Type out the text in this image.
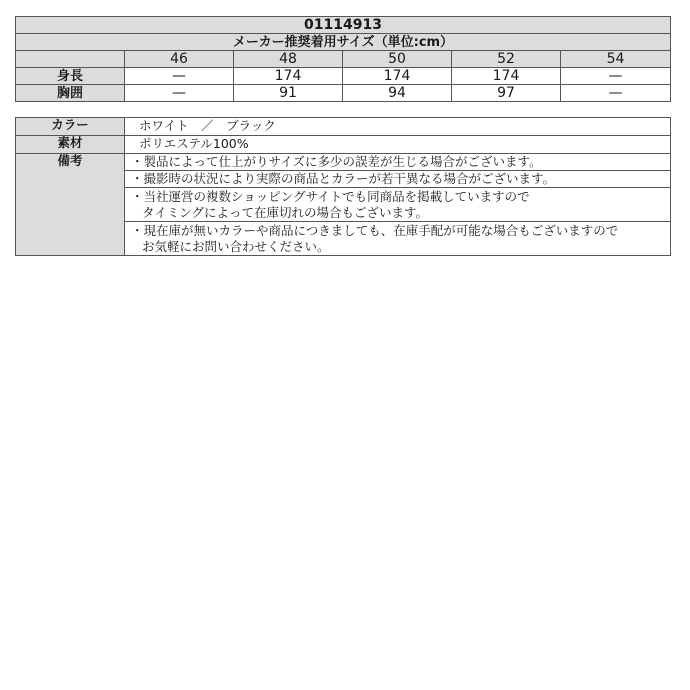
01114913					
メーカー推奨着用サイズ（単位:cm）					
	46	48	50	52	54
身長	—	174	174	174	—
胸囲	—	91	94	97	—
カラー	ホワイト　／　ブラック
素材	ポリエステル100%
備考	・製品によって仕上がりサイズに多少の誤差が生じる場合がございます。

	・撮影時の状況により実際の商品とカラーが若干異なる場合がございます。

	・当社運営の複数ショッピングサイトでも同商品を掲載していますので
タイミングによって在庫切れの場合もございます。

	・現在庫が無いカラーや商品につきましても、在庫手配が可能な場合もございますので
お気軽にお問い合わせください。
